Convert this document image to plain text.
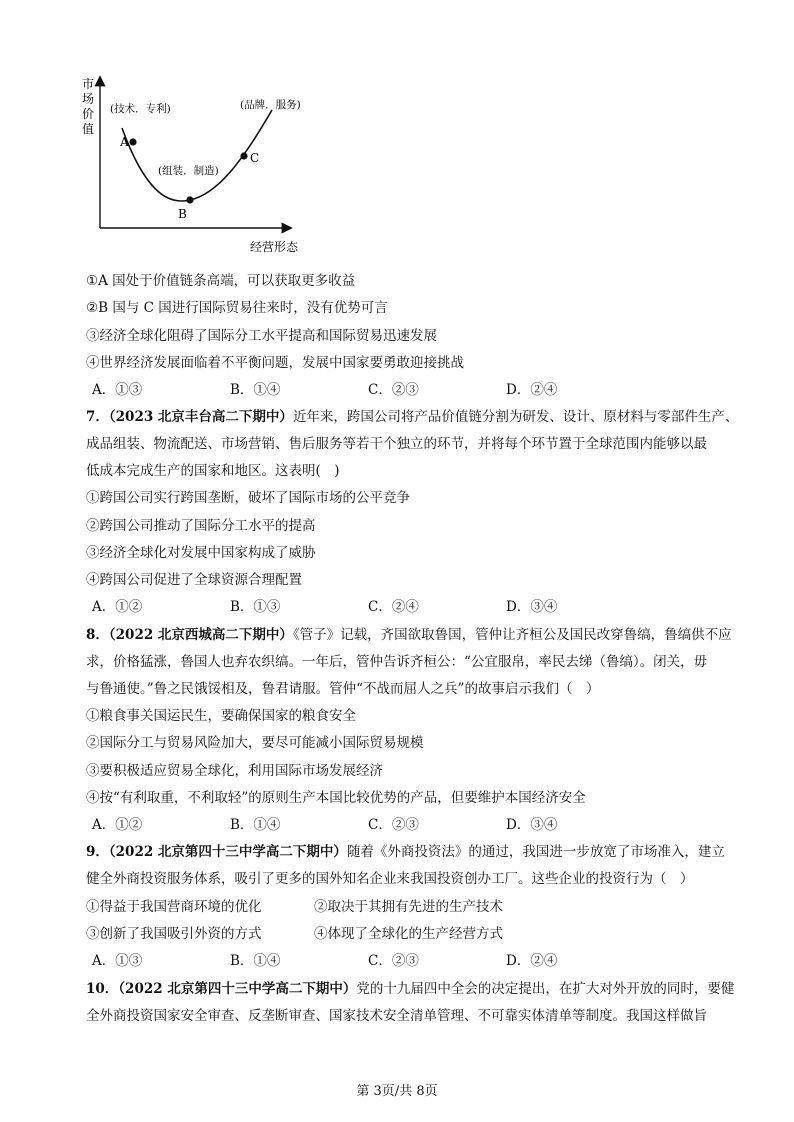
市
场
价
值
经营形态
A
B
C
(技术．专利)
(组装．制造)
(品牌．服务)
①A 国处于价值链条高端，可以获取更多收益
②B 国与 C 国进行国际贸易往来时，没有优势可言
③经济全球化阻碍了国际分工水平提高和国际贸易迅速发展
④世界经济发展面临着不平衡问题，发展中国家要勇敢迎接挑战
A．①③	B．①④	C．②③	D．②④
7．（2023 北京丰台高二下期中）近年来，跨国公司将产品价值链分割为研发、设计、原材料与零部件生产、
成品组装、物流配送、市场营销、售后服务等若干个独立的环节，并将每个环节置于全球范围内能够以最
低成本完成生产的国家和地区。这表明(　)
①跨国公司实行跨国垄断，破坏了国际市场的公平竞争
②跨国公司推动了国际分工水平的提高
③经济全球化对发展中国家构成了威胁
④跨国公司促进了全球资源合理配置
A．①②	B．①③	C．②④	D．③④
8．（2022 北京西城高二下期中）《管子》记载，齐国欲取鲁国，管仲让齐桓公及国民改穿鲁缟，鲁缟供不应
求，价格猛涨，鲁国人也弃农织缟。一年后，管仲告诉齐桓公：“公宜服帛，率民去绨（鲁缟）。闭关，毋
与鲁通使。”鲁之民饿馁相及，鲁君请服。管仲“不战而屈人之兵”的故事启示我们（　）
①粮食事关国运民生，要确保国家的粮食安全
②国际分工与贸易风险加大，要尽可能减小国际贸易规模
③要积极适应贸易全球化，利用国际市场发展经济
④按“有利取重，不利取轻”的原则生产本国比较优势的产品，但要维护本国经济安全
A．①②	B．①④	C．②③	D．③④
9．（2022 北京第四十三中学高二下期中）随着《外商投资法》的通过，我国进一步放宽了市场准入，建立
健全外商投资服务体系，吸引了更多的国外知名企业来我国投资创办工厂。这些企业的投资行为（　）
①得益于我国营商环境的优化	②取决于其拥有先进的生产技术
③创新了我国吸引外资的方式	④体现了全球化的生产经营方式
A．①③	B．①④	C．②③	D．②④
10．（2022 北京第四十三中学高二下期中）党的十九届四中全会的决定提出，在扩大对外开放的同时，要健
全外商投资国家安全审查、反垄断审查、国家技术安全清单管理、不可靠实体清单等制度。我国这样做旨
第 3页/共 8页
